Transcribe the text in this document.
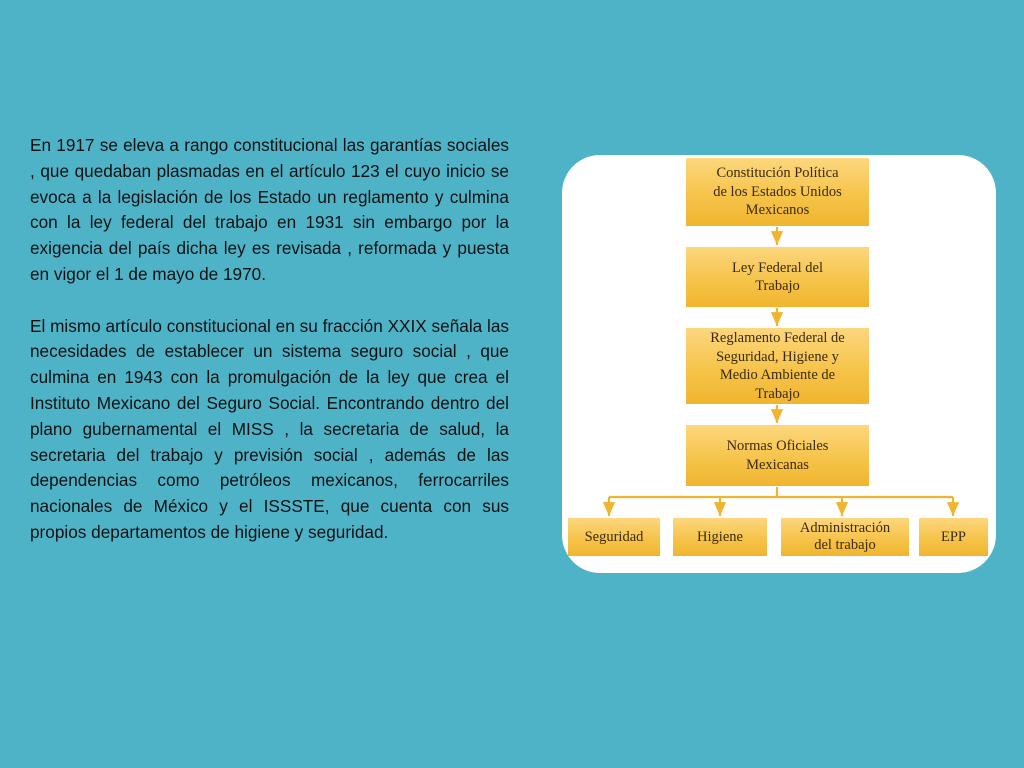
En 1917 se eleva a rango constitucional las garantías sociales , que quedaban plasmadas en el artículo 123 el cuyo inicio se evoca a la legislación de los Estado un reglamento y culmina con la ley federal del trabajo en 1931 sin embargo por la exigencia del país dicha ley es revisada , reformada y puesta en vigor el 1 de mayo de 1970.

El mismo artículo constitucional en su fracción XXIX señala las necesidades de establecer un sistema seguro social , que culmina en 1943 con la promulgación de la ley que crea el Instituto Mexicano del Seguro Social. Encontrando dentro del plano gubernamental el MISS , la secretaria de salud, la secretaria del trabajo y previsión social , además de las dependencias como petróleos mexicanos, ferrocarriles nacionales de México y el ISSSTE, que cuenta con sus propios departamentos de higiene y seguridad.

Constitución Política
de los Estados Unidos
Mexicanos
Ley Federal del
Trabajo
Reglamento Federal de
Seguridad, Higiene y
Medio Ambiente de
Trabajo
Normas Oficiales
Mexicanas
Seguridad	Higiene
Administración
del trabajo
EPP
